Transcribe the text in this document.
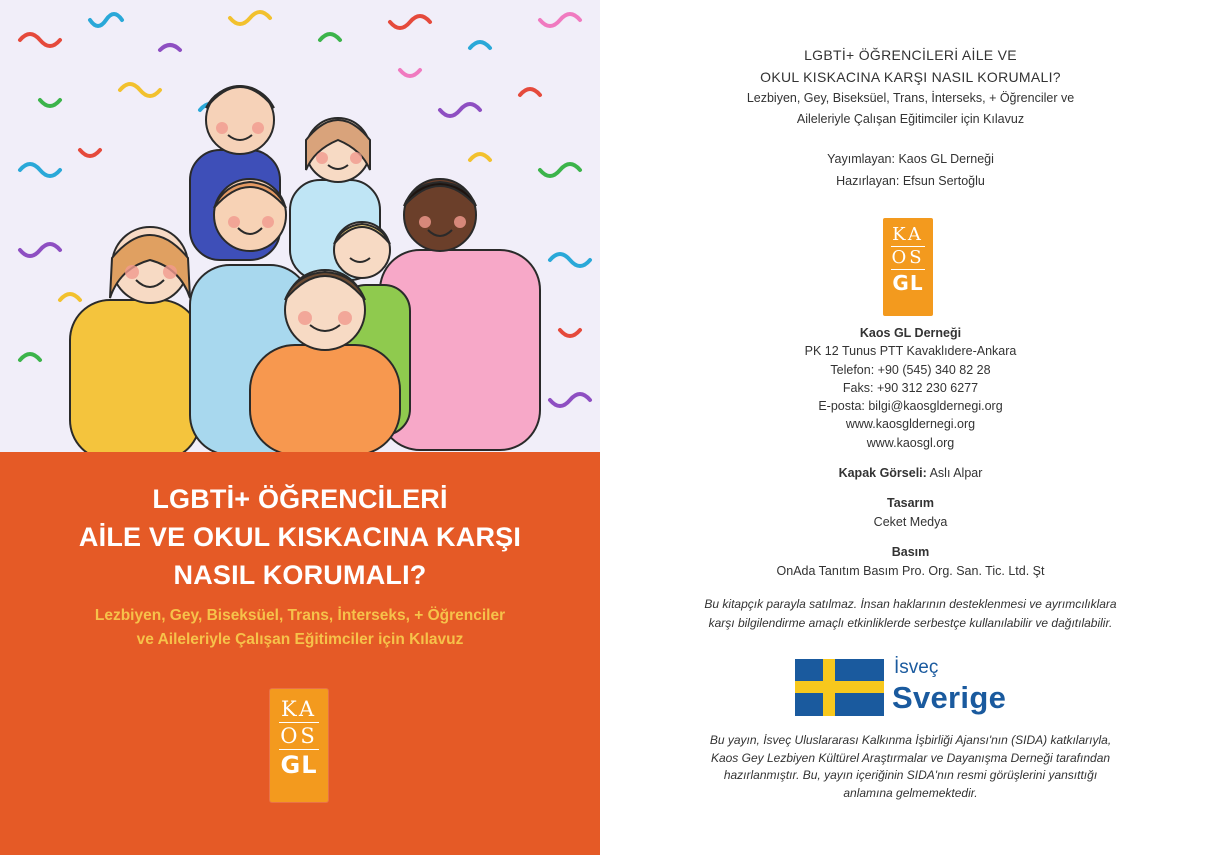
LGBTİ+ ÖĞRENCİLERİ
AİLE VE OKUL KISKACINA KARŞI
NASIL KORUMALI?
Lezbiyen, Gey, Biseksüel, Trans, İnterseks, + Öğrenciler
ve Aileleriyle Çalışan Eğitimciler için Kılavuz
KA
OS
GL
LGBTİ+ ÖĞRENCİLERİ AİLE VE
OKUL KISKACINA KARŞI NASIL KORUMALI?
Lezbiyen, Gey, Biseksüel, Trans, İnterseks, + Öğrenciler ve
Aileleriyle Çalışan Eğitimciler için Kılavuz
Yayımlayan: Kaos GL Derneği
Hazırlayan: Efsun Sertoğlu
KA
OS
GL
Kaos GL Derneği
PK 12 Tunus PTT Kavaklıdere-Ankara
Telefon: +90 (545) 340 82 28
Faks: +90 312 230 6277
E-posta: bilgi@kaosgldernegi.org
www.kaosgldernegi.org
www.kaosgl.org
Kapak Görseli: Aslı Alpar
Tasarım
Ceket Medya
Basım
OnAda Tanıtım Basım Pro. Org. San. Tic. Ltd. Şt
Bu kitapçık parayla satılmaz. İnsan haklarının desteklenmesi ve ayrımcılıklara
karşı bilgilendirme amaçlı etkinliklerde serbestçe kullanılabilir ve dağıtılabilir.
İsveç
Sverige
Bu yayın, İsveç Uluslararası Kalkınma İşbirliği Ajansı'nın (SIDA) katkılarıyla,
Kaos Gey Lezbiyen Kültürel Araştırmalar ve Dayanışma Derneği tarafından
hazırlanmıştır. Bu, yayın içeriğinin SIDA'nın resmi görüşlerini yansıttığı
anlamına gelmemektedir.
